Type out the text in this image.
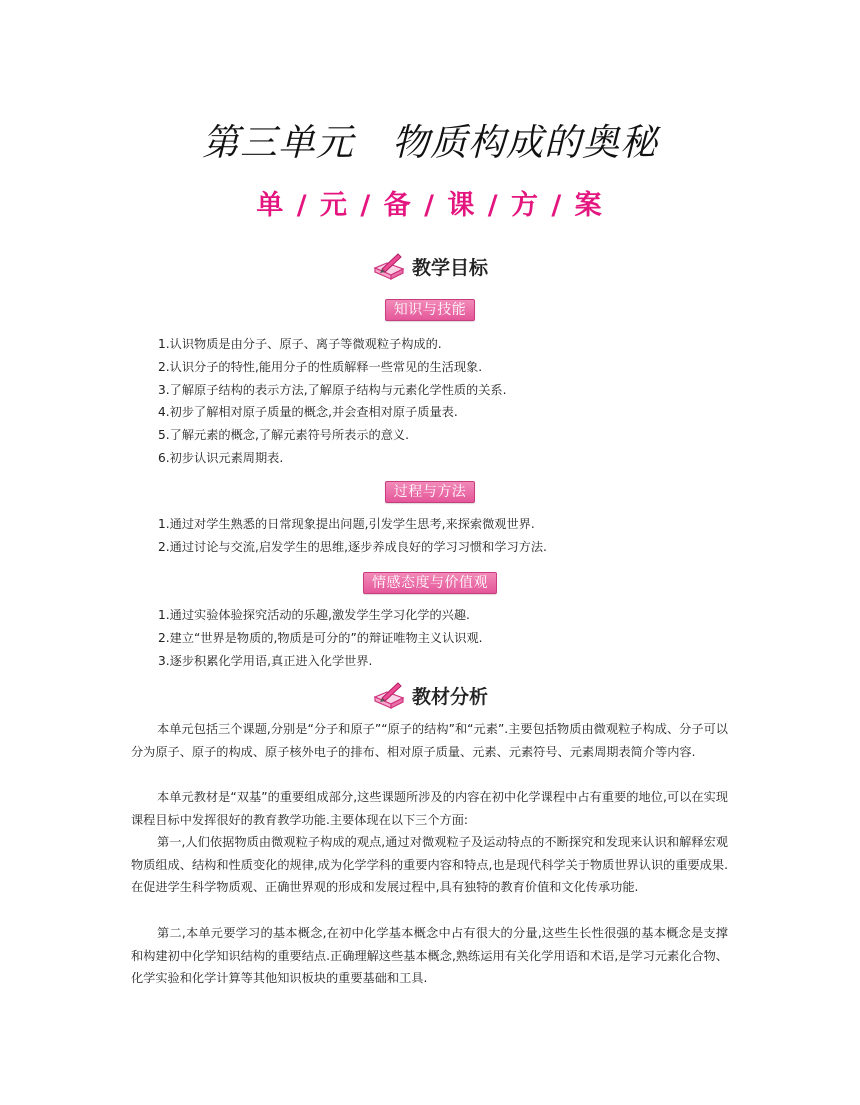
第三单元　物质构成的奥秘
单 / 元 / 备 / 课 / 方 / 案
教学目标
知识与技能
1.认识物质是由分子、原子、离子等微观粒子构成的.
2.认识分子的特性,能用分子的性质解释一些常见的生活现象.
3.了解原子结构的表示方法,了解原子结构与元素化学性质的关系.
4.初步了解相对原子质量的概念,并会查相对原子质量表.
5.了解元素的概念,了解元素符号所表示的意义.
6.初步认识元素周期表.
过程与方法
1.通过对学生熟悉的日常现象提出问题,引发学生思考,来探索微观世界.
2.通过讨论与交流,启发学生的思维,逐步养成良好的学习习惯和学习方法.
情感态度与价值观
1.通过实验体验探究活动的乐趣,激发学生学习化学的兴趣.
2.建立“世界是物质的,物质是可分的”的辩证唯物主义认识观.
3.逐步积累化学用语,真正进入化学世界.
教材分析

本单元包括三个课题,分别是“分子和原子”“原子的结构”和“元素”.主要包括物质由微观粒子构成、分子可以分为原子、原子的构成、原子核外电子的排布、相对原子质量、元素、元素符号、元素周期表简介等内容.

本单元教材是“双基”的重要组成部分,这些课题所涉及的内容在初中化学课程中占有重要的地位,可以在实现课程目标中发挥很好的教育教学功能.主要体现在以下三个方面:

第一,人们依据物质由微观粒子构成的观点,通过对微观粒子及运动特点的不断探究和发现来认识和解释宏观物质组成、结构和性质变化的规律,成为化学学科的重要内容和特点,也是现代科学关于物质世界认识的重要成果.在促进学生科学物质观、正确世界观的形成和发展过程中,具有独特的教育价值和文化传承功能.

第二,本单元要学习的基本概念,在初中化学基本概念中占有很大的分量,这些生长性很强的基本概念是支撑和构建初中化学知识结构的重要结点.正确理解这些基本概念,熟练运用有关化学用语和术语,是学习元素化合物、化学实验和化学计算等其他知识板块的重要基础和工具.
